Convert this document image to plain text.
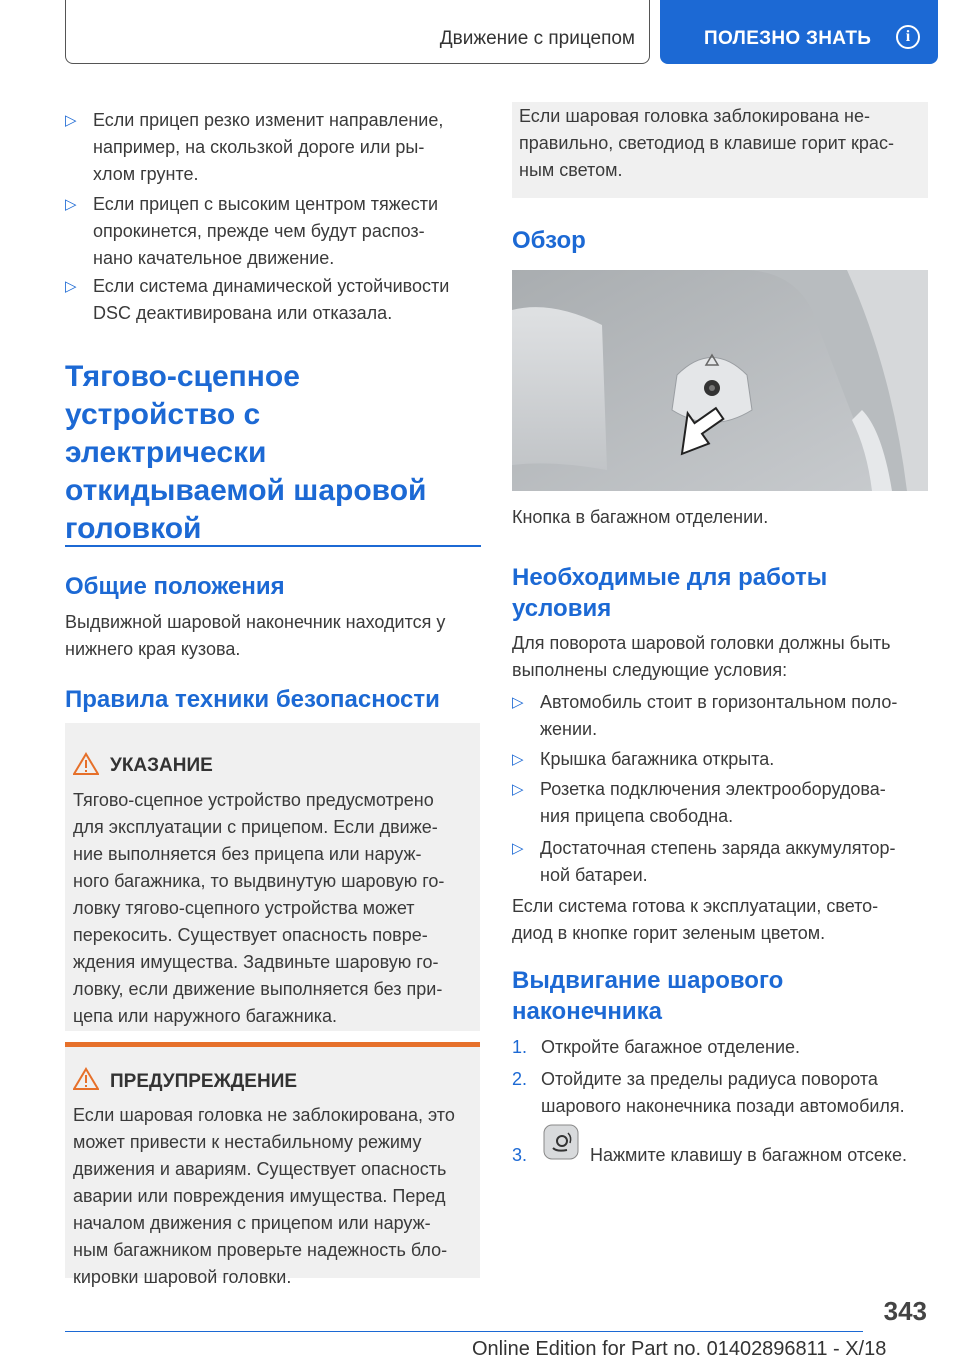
Движение с прицепом	ПОЛЕЗНО ЗНАТЬ	i
▷ Если прицеп резко изменит направление,
например, на скользкой дороге или ры-
хлом грунте.
▷ Если прицеп с высоким центром тяжести
опрокинется, прежде чем будут распоз-
нано качательное движение.
▷ Если система динамической устойчивости
DSC деактивирована или отказала.
Тягово-сцепное
устройство с
электрически
откидываемой шаровой
головкой
Общие положения
Выдвижной шаровой наконечник находится у
нижнего края кузова.
Правила техники безопасности
УКАЗАНИЕ
Тягово-сцепное устройство предусмотрено
для эксплуатации с прицепом. Если движе-
ние выполняется без прицепа или наруж-
ного багажника, то выдвинутую шаровую го-
ловку тягово-сцепного устройства может
перекосить. Существует опасность повре-
ждения имущества. Задвиньте шаровую го-
ловку, если движение выполняется без при-
цепа или наружного багажника.
ПРЕДУПРЕЖДЕНИЕ
Если шаровая головка не заблокирована, это
может привести к нестабильному режиму
движения и авариям. Существует опасность
аварии или повреждения имущества. Перед
началом движения с прицепом или наруж-
ным багажником проверьте надежность бло-
кировки шаровой головки.
Если шаровая головка заблокирована не-
правильно, светодиод в клавише горит крас-
ным светом.
Обзор
Кнопка в багажном отделении.
Необходимые для работы
условия
Для поворота шаровой головки должны быть
выполнены следующие условия:
▷ Автомобиль стоит в горизонтальном поло-
жении.
▷ Крышка багажника открыта.
▷ Розетка подключения электрооборудова-
ния прицепа свободна.
▷ Достаточная степень заряда аккумулятор-
ной батареи.
Если система готова к эксплуатации, свето-
диод в кнопке горит зеленым цветом.
Выдвигание шарового
наконечника
1. Откройте багажное отделение.
2. Отойдите за пределы радиуса поворота
шарового наконечника позади автомобиля.
3.	Нажмите клавишу в багажном отсеке.
343
Online Edition for Part no. 01402896811 - X/18
